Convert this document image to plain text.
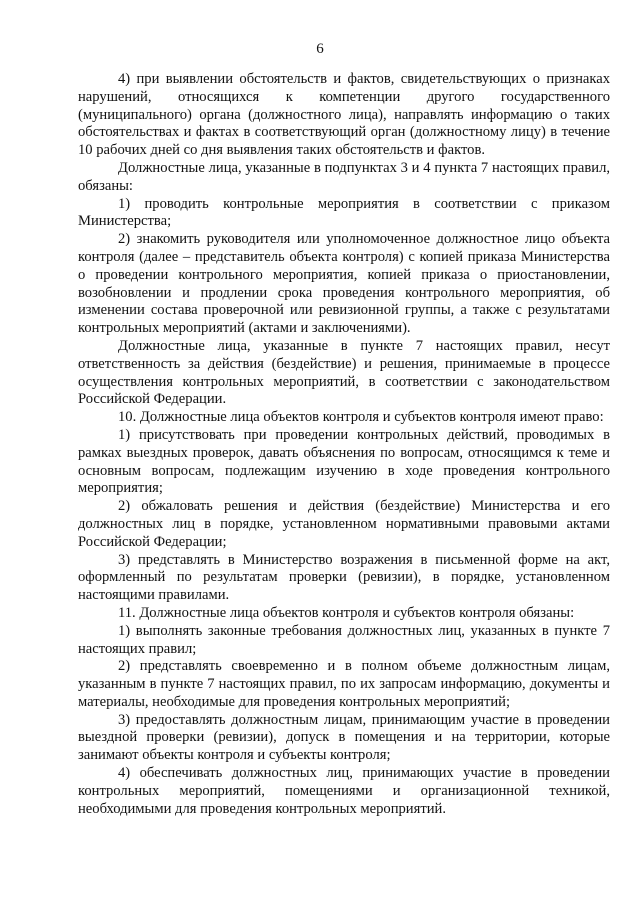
6

4) при выявлении обстоятельств и фактов, свидетельствующих о признаках нарушений, относящихся к компетенции другого государственного (муниципального) органа (должностного лица), направлять информацию о таких обстоятельствах и фактах в соответствующий орган (должностному лицу) в течение 10 рабочих дней со дня выявления таких обстоятельств и фактов.

Должностные лица, указанные в подпунктах 3 и 4 пункта 7 настоящих правил, обязаны:

1) проводить контрольные мероприятия в соответствии с приказом Министерства;

2) знакомить руководителя или уполномоченное должностное лицо объекта контроля (далее – представитель объекта контроля) с копией приказа Министерства о проведении контрольного мероприятия, копией приказа о приостановлении, возобновлении и продлении срока проведения контрольного мероприятия, об изменении состава проверочной или ревизионной группы, а также с результатами контрольных мероприятий (актами и заключениями).

Должностные лица, указанные в пункте 7 настоящих правил, несут ответственность за действия (бездействие) и решения, принимаемые в процессе осуществления контрольных мероприятий, в соответствии с законодательством Российской Федерации.

10. Должностные лица объектов контроля и субъектов контроля имеют право:

1) присутствовать при проведении контрольных действий, проводимых в рамках выездных проверок, давать объяснения по вопросам, относящимся к теме и основным вопросам, подлежащим изучению в ходе проведения контрольного мероприятия;

2) обжаловать решения и действия (бездействие) Министерства и его должностных лиц в порядке, установленном нормативными правовыми актами Российской Федерации;

3) представлять в Министерство возражения в письменной форме на акт, оформленный по результатам проверки (ревизии), в порядке, установленном настоящими правилами.

11. Должностные лица объектов контроля и субъектов контроля обязаны:

1) выполнять законные требования должностных лиц, указанных в пункте 7 настоящих правил;

2) представлять своевременно и в полном объеме должностным лицам, указанным в пункте 7 настоящих правил, по их запросам информацию, документы и материалы, необходимые для проведения контрольных мероприятий;

3) предоставлять должностным лицам, принимающим участие в проведении выездной проверки (ревизии), допуск в помещения и на территории, которые занимают объекты контроля и субъекты контроля;

4) обеспечивать должностных лиц, принимающих участие в проведении контрольных мероприятий, помещениями и организационной техникой, необходимыми для проведения контрольных мероприятий.
